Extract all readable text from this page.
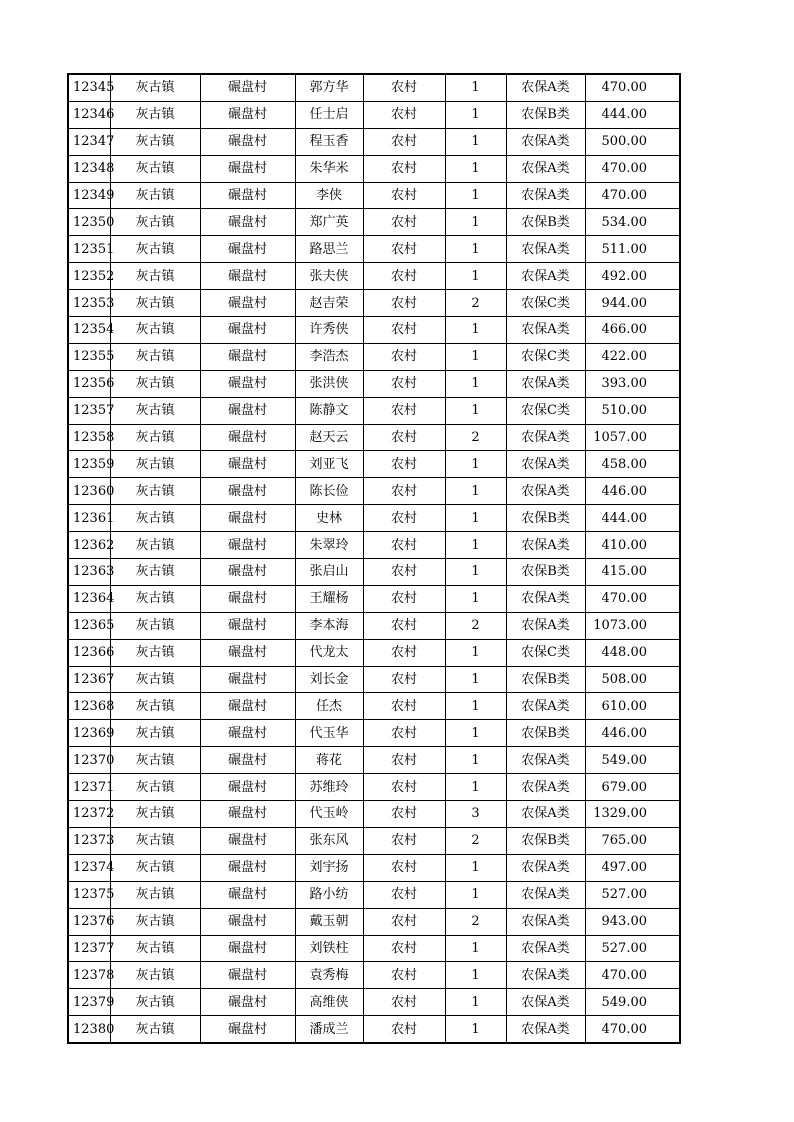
12345	灰古镇	碾盘村	郭方华	农村	1	农保A类	470.00
12346	灰古镇	碾盘村	任士启	农村	1	农保B类	444.00
12347	灰古镇	碾盘村	程玉香	农村	1	农保A类	500.00
12348	灰古镇	碾盘村	朱华米	农村	1	农保A类	470.00
12349	灰古镇	碾盘村	李侠	农村	1	农保A类	470.00
12350	灰古镇	碾盘村	郑广英	农村	1	农保B类	534.00
12351	灰古镇	碾盘村	路思兰	农村	1	农保A类	511.00
12352	灰古镇	碾盘村	张夫侠	农村	1	农保A类	492.00
12353	灰古镇	碾盘村	赵吉荣	农村	2	农保C类	944.00
12354	灰古镇	碾盘村	许秀侠	农村	1	农保A类	466.00
12355	灰古镇	碾盘村	李浩杰	农村	1	农保C类	422.00
12356	灰古镇	碾盘村	张洪侠	农村	1	农保A类	393.00
12357	灰古镇	碾盘村	陈静文	农村	1	农保C类	510.00
12358	灰古镇	碾盘村	赵天云	农村	2	农保A类	1057.00
12359	灰古镇	碾盘村	刘亚飞	农村	1	农保A类	458.00
12360	灰古镇	碾盘村	陈长俭	农村	1	农保A类	446.00
12361	灰古镇	碾盘村	史林	农村	1	农保B类	444.00
12362	灰古镇	碾盘村	朱翠玲	农村	1	农保A类	410.00
12363	灰古镇	碾盘村	张启山	农村	1	农保B类	415.00
12364	灰古镇	碾盘村	王耀杨	农村	1	农保A类	470.00
12365	灰古镇	碾盘村	李本海	农村	2	农保A类	1073.00
12366	灰古镇	碾盘村	代龙太	农村	1	农保C类	448.00
12367	灰古镇	碾盘村	刘长金	农村	1	农保B类	508.00
12368	灰古镇	碾盘村	任杰	农村	1	农保A类	610.00
12369	灰古镇	碾盘村	代玉华	农村	1	农保B类	446.00
12370	灰古镇	碾盘村	蒋花	农村	1	农保A类	549.00
12371	灰古镇	碾盘村	苏维玲	农村	1	农保A类	679.00
12372	灰古镇	碾盘村	代玉岭	农村	3	农保A类	1329.00
12373	灰古镇	碾盘村	张东风	农村	2	农保B类	765.00
12374	灰古镇	碾盘村	刘宇扬	农村	1	农保A类	497.00
12375	灰古镇	碾盘村	路小纺	农村	1	农保A类	527.00
12376	灰古镇	碾盘村	戴玉朝	农村	2	农保A类	943.00
12377	灰古镇	碾盘村	刘铁柱	农村	1	农保A类	527.00
12378	灰古镇	碾盘村	袁秀梅	农村	1	农保A类	470.00
12379	灰古镇	碾盘村	高维侠	农村	1	农保A类	549.00
12380	灰古镇	碾盘村	潘成兰	农村	1	农保A类	470.00
